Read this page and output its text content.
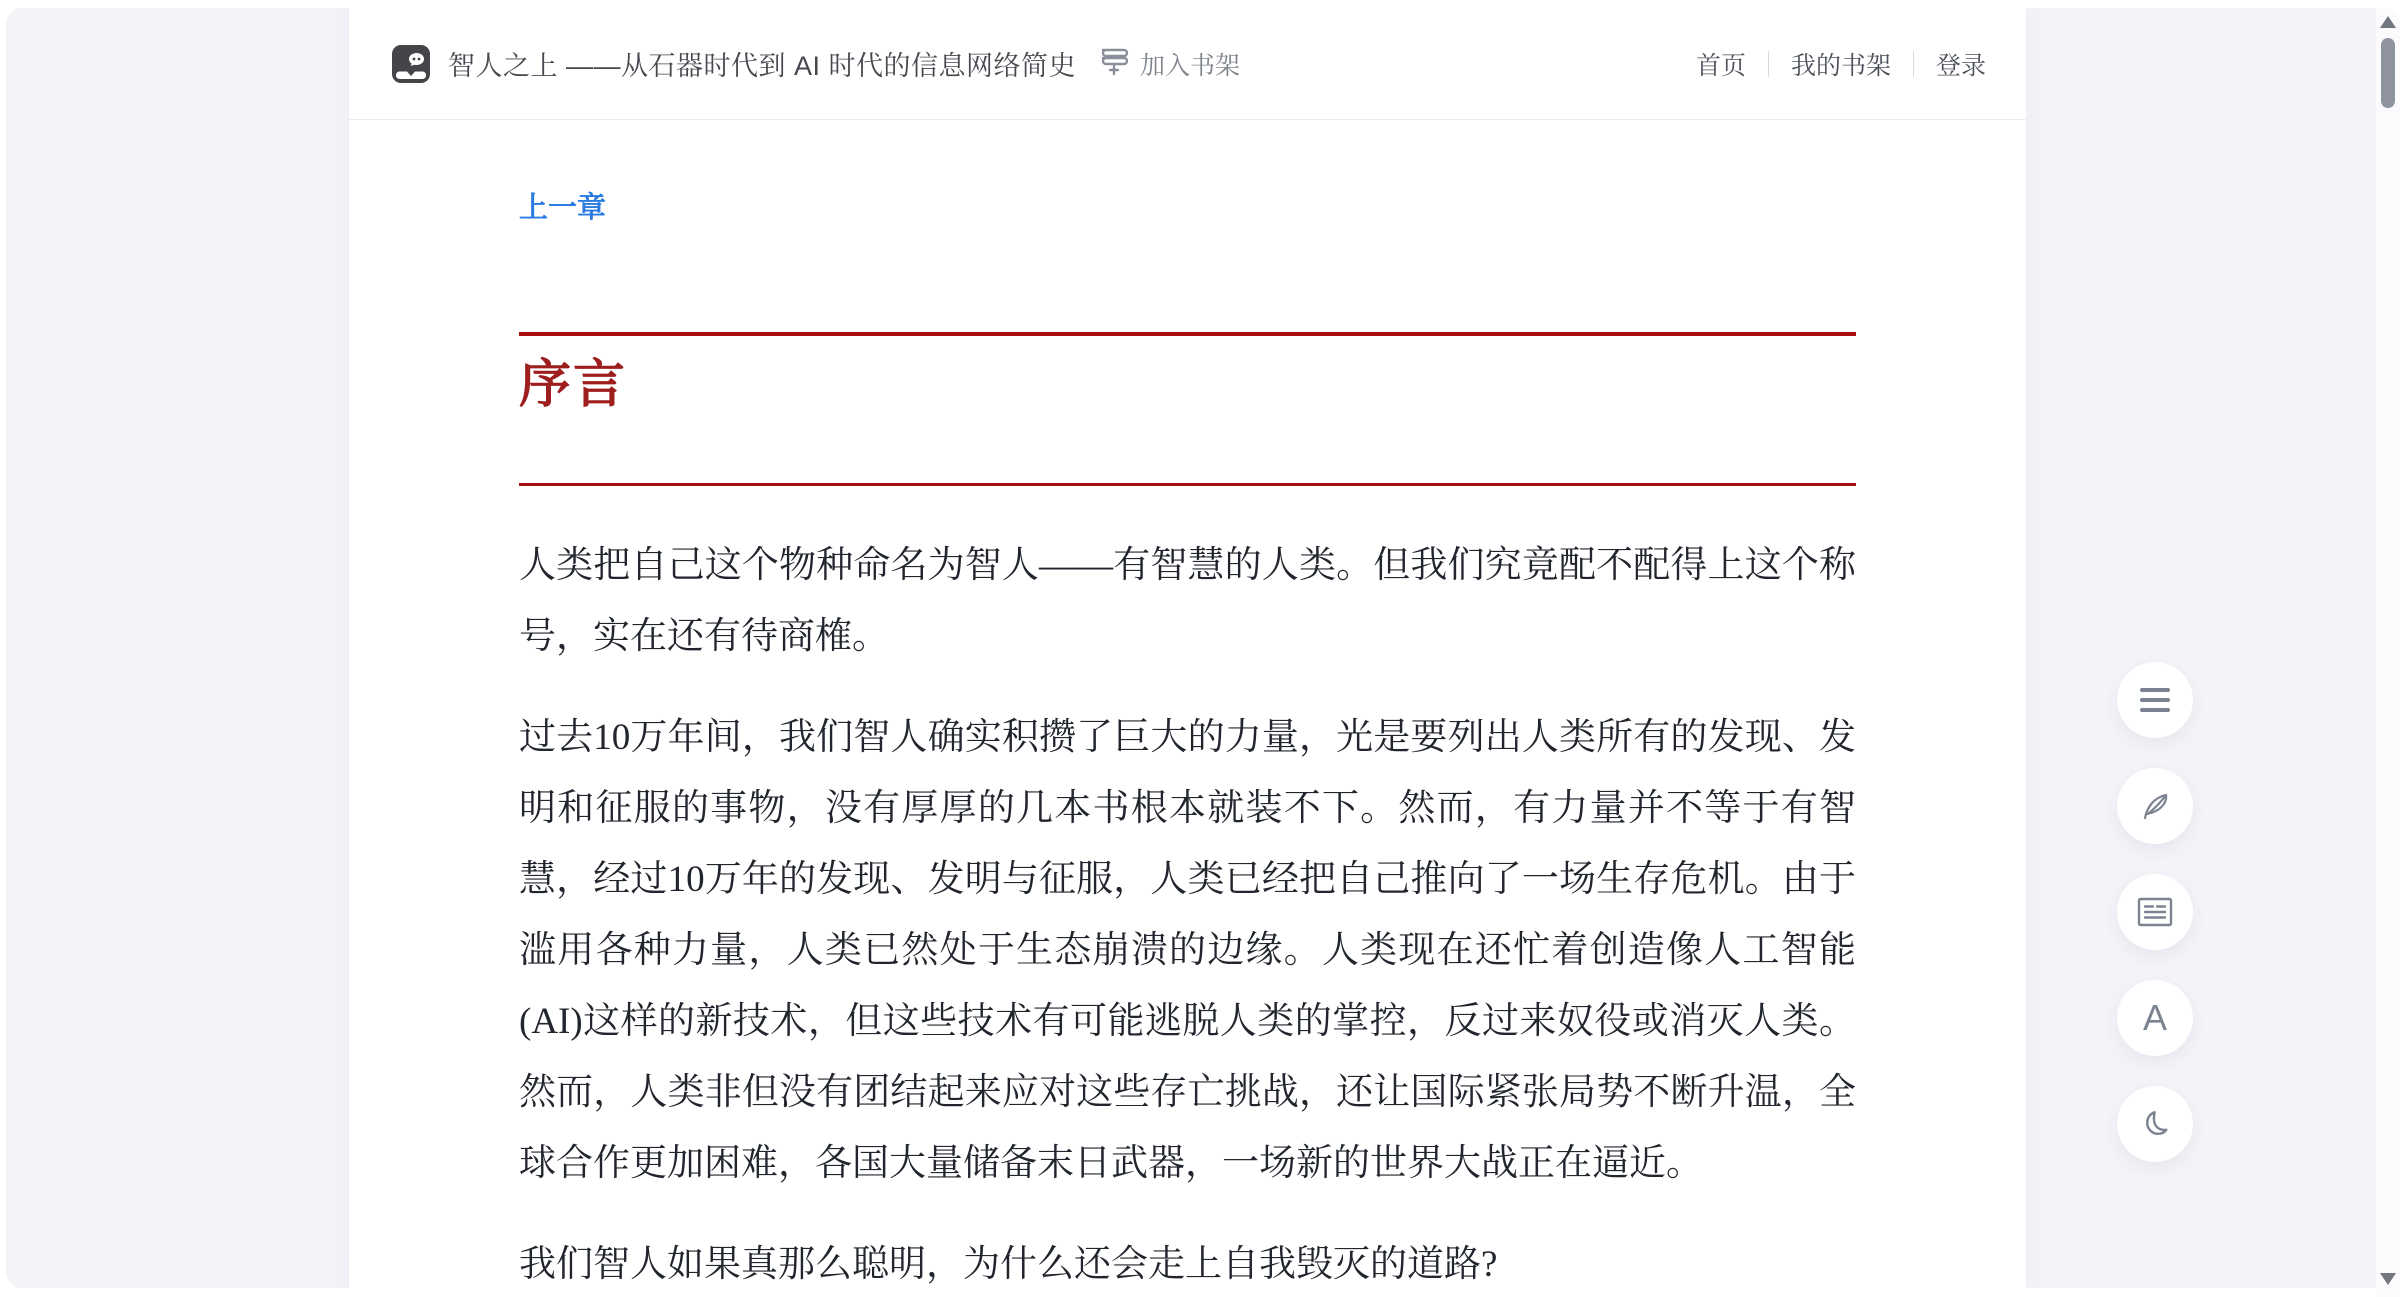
智人之上 ——从石器时代到 AI 时代的信息网络简史	加入书架	首页 我的书架 登录
上一章
序言

人类把自己这个物种命名为智人——有智慧的人类。但我们究竟配不配得上这个称号，实在还有待商榷。

过去10万年间，我们智人确实积攒了巨大的力量，光是要列出人类所有的发现、发明和征服的事物，没有厚厚的几本书根本就装不下。然而，有力量并不等于有智慧，经过10万年的发现、发明与征服，人类已经把自己推向了一场生存危机。由于滥用各种力量，人类已然处于生态崩溃的边缘。人类现在还忙着创造像人工智能(AI)这样的新技术，但这些技术有可能逃脱人类的掌控，反过来奴役或消灭人类。然而，人类非但没有团结起来应对这些存亡挑战，还让国际紧张局势不断升温，全球合作更加困难，各国大量储备末日武器，一场新的世界大战正在逼近。

我们智人如果真那么聪明，为什么还会走上自我毁灭的道路?

A
